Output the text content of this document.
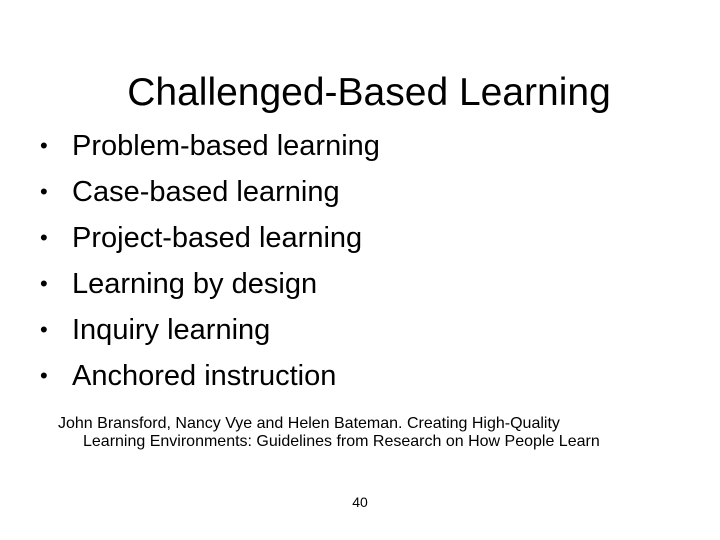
Challenged-Based Learning
• Problem-based learning
• Case-based learning
• Project-based learning
• Learning by design
• Inquiry learning
• Anchored instruction
John Bransford, Nancy Vye and Helen Bateman. Creating High-Quality
Learning Environments: Guidelines from Research on How People Learn
40
